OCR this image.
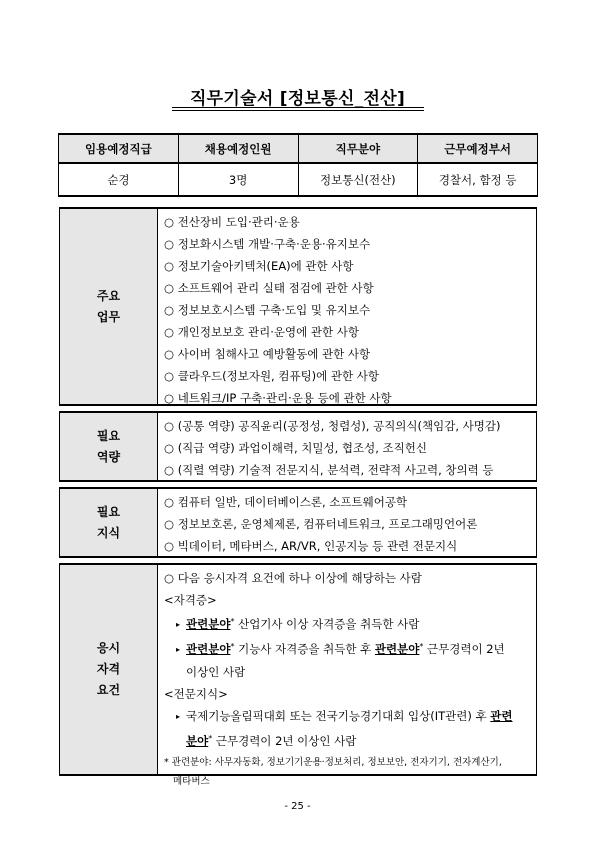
직무기술서 [정보통신_전산]
임용예정직급	채용예정인원	직무분야	근무예정부서
순경	3명	정보통신(전산)	경찰서, 함정 등
주요
업무
○ 전산장비 도입·관리·운용
○ 정보화시스템 개발·구축·운용·유지보수
○ 정보기술아키텍처(EA)에 관한 사항
○ 소프트웨어 관리 실태 점검에 관한 사항
○ 정보보호시스템 구축·도입 및 유지보수
○ 개인정보보호 관리·운영에 관한 사항
○ 사이버 침해사고 예방활동에 관한 사항
○ 클라우드(정보자원, 컴퓨팅)에 관한 사항
○ 네트워크/IP 구축·관리·운용 등에 관한 사항
필요
역량
○ (공통 역량) 공직윤리(공정성, 청렴성), 공직의식(책임감, 사명감)
○ (직급 역량) 과업이해력, 치밀성, 협조성, 조직헌신
○ (직렬 역량) 기술적 전문지식, 분석력, 전략적 사고력, 창의력 등
필요
지식
○ 컴퓨터 일반, 데이터베이스론, 소프트웨어공학
○ 정보보호론, 운영체제론, 컴퓨터네트워크, 프로그래밍언어론
○ 빅데이터, 메타버스, AR/VR, 인공지능 등 관련 전문지식
응시
자격
요건
○ 다음 응시자격 요건에 하나 이상에 해당하는 사람
<자격증>
▸ 관련분야* 산업기사 이상 자격증을 취득한 사람
▸ 관련분야* 기능사 자격증을 취득한 후 관련분야* 근무경력이 2년
이상인 사람
<전문지식>
▸ 국제기능올림픽대회 또는 전국기능경기대회 입상(IT관련) 후 관련
분야* 근무경력이 2년 이상인 사람
* 관련분야: 사무자동화, 정보기기운용·정보처리, 정보보안, 전자기기, 전자계산기,
메타버스
- 25 -
